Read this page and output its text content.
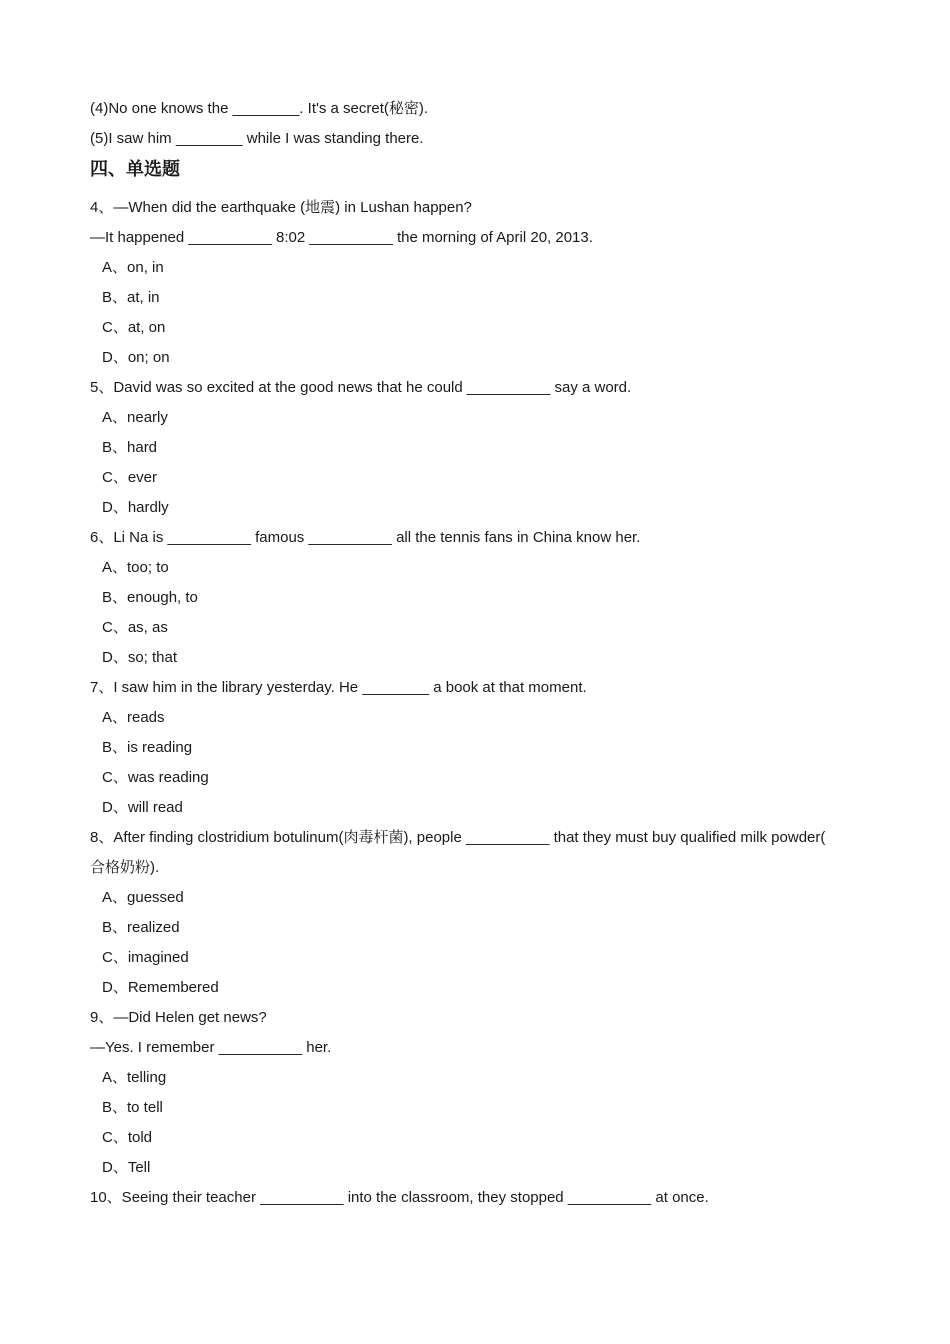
(4)No one knows the ________. It's a secret(秘密).
(5)I saw him ________ while I was standing there.
四、单选题
4、—When did the earthquake (地震) in Lushan happen?
—It happened __________ 8:02 __________ the morning of April 20, 2013.
A、on, in
B、at, in
C、at, on
D、on; on
5、David was so excited at the good news that he could __________ say a word.
A、nearly
B、hard
C、ever
D、hardly
6、Li Na is __________ famous __________ all the tennis fans in China know her.
A、too; to
B、enough, to
C、as, as
D、so; that
7、I saw him in the library yesterday. He ________ a book at that moment.
A、reads
B、is reading
C、was reading
D、will read
8、After finding clostridium botulinum(肉毒杆菌), people __________ that they must buy qualified milk powder(
合格奶粉).
A、guessed
B、realized
C、imagined
D、Remembered
9、—Did Helen get news?
—Yes. I remember __________ her.
A、telling
B、to tell
C、told
D、Tell
10、Seeing their teacher __________ into the classroom, they stopped __________ at once.
